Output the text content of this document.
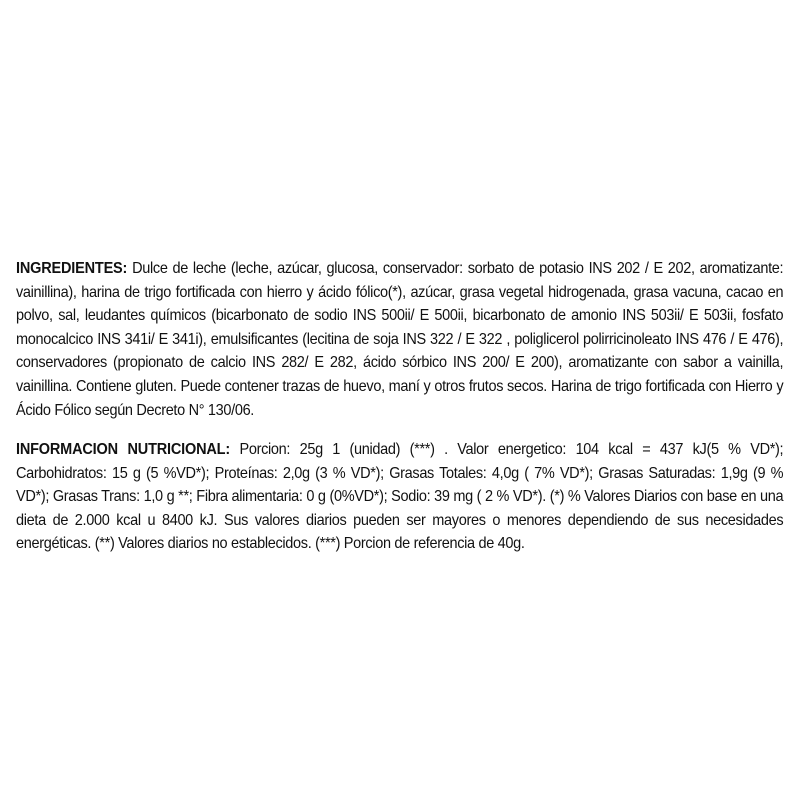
INGREDIENTES: Dulce de leche (leche, azúcar, glucosa, conservador: sorbato de potasio INS 202 / E 202, aromatizante: vainillina), harina de trigo fortificada con hierro y ácido fólico(*), azúcar, grasa vegetal hidrogenada, grasa vacuna, cacao en polvo, sal, leudantes químicos (bicarbonato de sodio INS 500ii/ E 500ii, bicarbonato de amonio INS 503ii/ E 503ii, fosfato monocalcico INS 341i/ E 341i), emulsificantes (lecitina de soja INS 322 / E 322 , poliglicerol polirricinoleato INS 476 / E 476), conservadores (propionato de calcio INS 282/ E 282, ácido sórbico INS 200/ E 200), aromatizante con sabor a vainilla, vainillina. Contiene gluten. Puede contener trazas de huevo, maní y otros frutos secos. Harina de trigo fortificada con Hierro y Ácido Fólico según Decreto N° 130/06.
INFORMACION NUTRICIONAL: Porcion: 25g 1 (unidad) (***) . Valor energetico: 104 kcal = 437 kJ(5 % VD*); Carbohidratos: 15 g (5 %VD*); Proteínas: 2,0g (3 % VD*); Grasas Totales: 4,0g ( 7% VD*); Grasas Saturadas: 1,9g (9 % VD*); Grasas Trans: 1,0 g **; Fibra alimentaria: 0 g (0%VD*); Sodio: 39 mg ( 2 % VD*). (*) % Valores Diarios con base en una dieta de 2.000 kcal u 8400 kJ. Sus valores diarios pueden ser mayores o menores dependiendo de sus necesidades energéticas. (**) Valores diarios no establecidos. (***) Porcion de referencia de 40g.
